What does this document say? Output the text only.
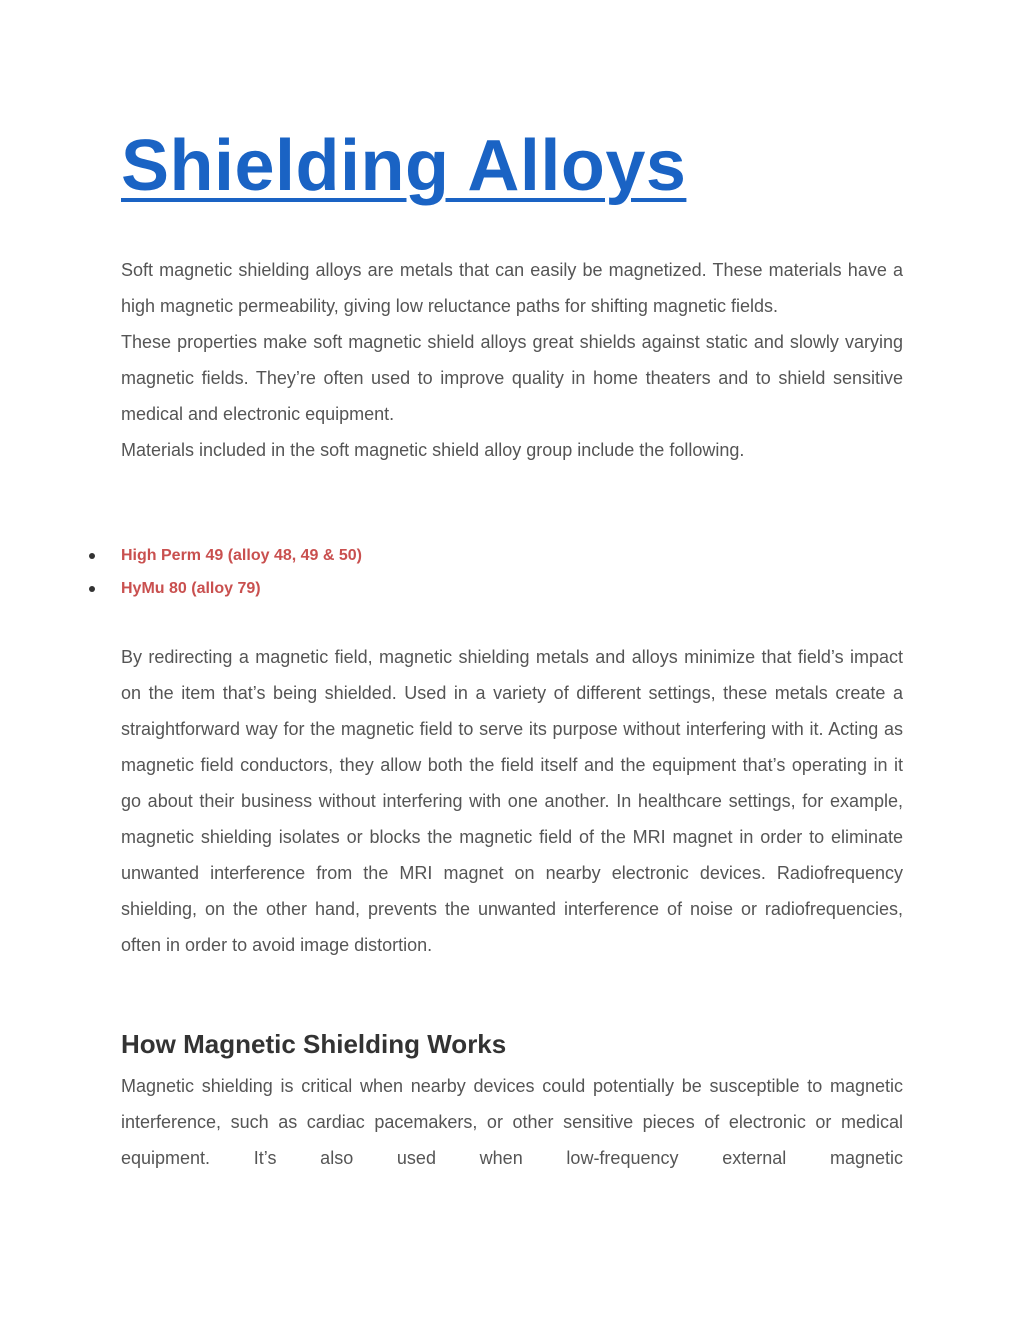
Shielding Alloys

Soft magnetic shielding alloys are metals that can easily be magnetized. These materials have a high magnetic permeability, giving low reluctance paths for shifting magnetic fields.

These properties make soft magnetic shield alloys great shields against static and slowly varying magnetic fields. They’re often used to improve quality in home theaters and to shield sensitive medical and electronic equipment.

Materials included in the soft magnetic shield alloy group include the following.

High Perm 49 (alloy 48, 49 & 50)
HyMu 80 (alloy 79)

By redirecting a magnetic field, magnetic shielding metals and alloys minimize that field’s impact on the item that’s being shielded. Used in a variety of different settings, these metals create a straightforward way for the magnetic field to serve its purpose without interfering with it. Acting as magnetic field conductors, they allow both the field itself and the equipment that’s operating in it go about their business without interfering with one another. In healthcare settings, for example, magnetic shielding isolates or blocks the magnetic field of the MRI magnet in order to eliminate unwanted interference from the MRI magnet on nearby electronic devices. Radiofrequency shielding, on the other hand, prevents the unwanted interference of noise or radiofrequencies, often in order to avoid image distortion.

How Magnetic Shielding Works

Magnetic shielding is critical when nearby devices could potentially be susceptible to magnetic interference, such as cardiac pacemakers, or other sensitive pieces of electronic or medical equipment. It’s also used when low-frequency external magnetic
